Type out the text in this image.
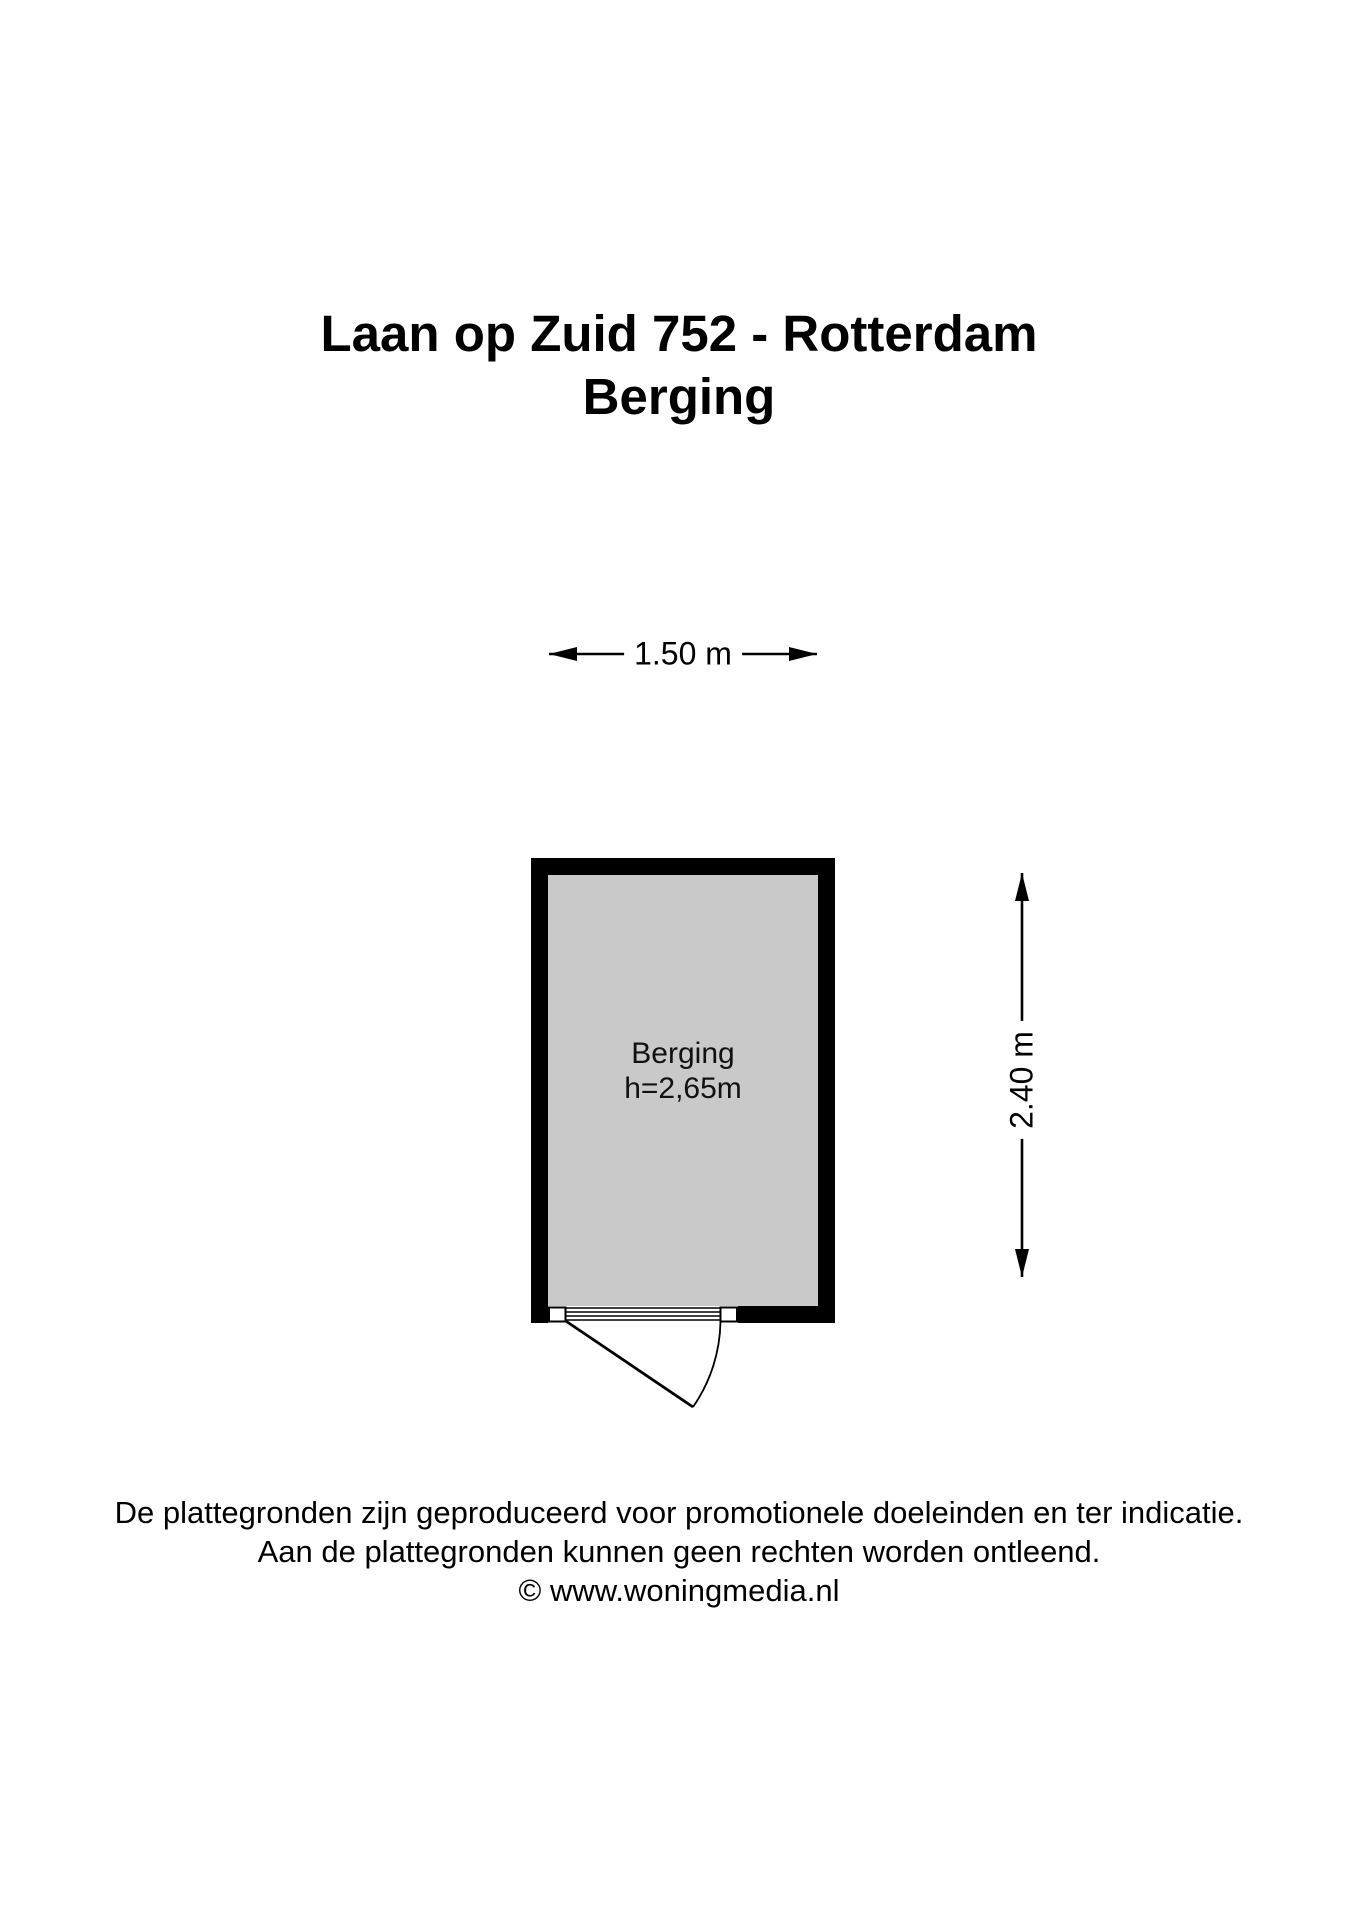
Laan op Zuid 752 - Rotterdam
Berging
1.50 m
2.40 m
Berging
h=2,65m
De plattegronden zijn geproduceerd voor promotionele doeleinden en ter indicatie.
Aan de plattegronden kunnen geen rechten worden ontleend.
© www.woningmedia.nl
